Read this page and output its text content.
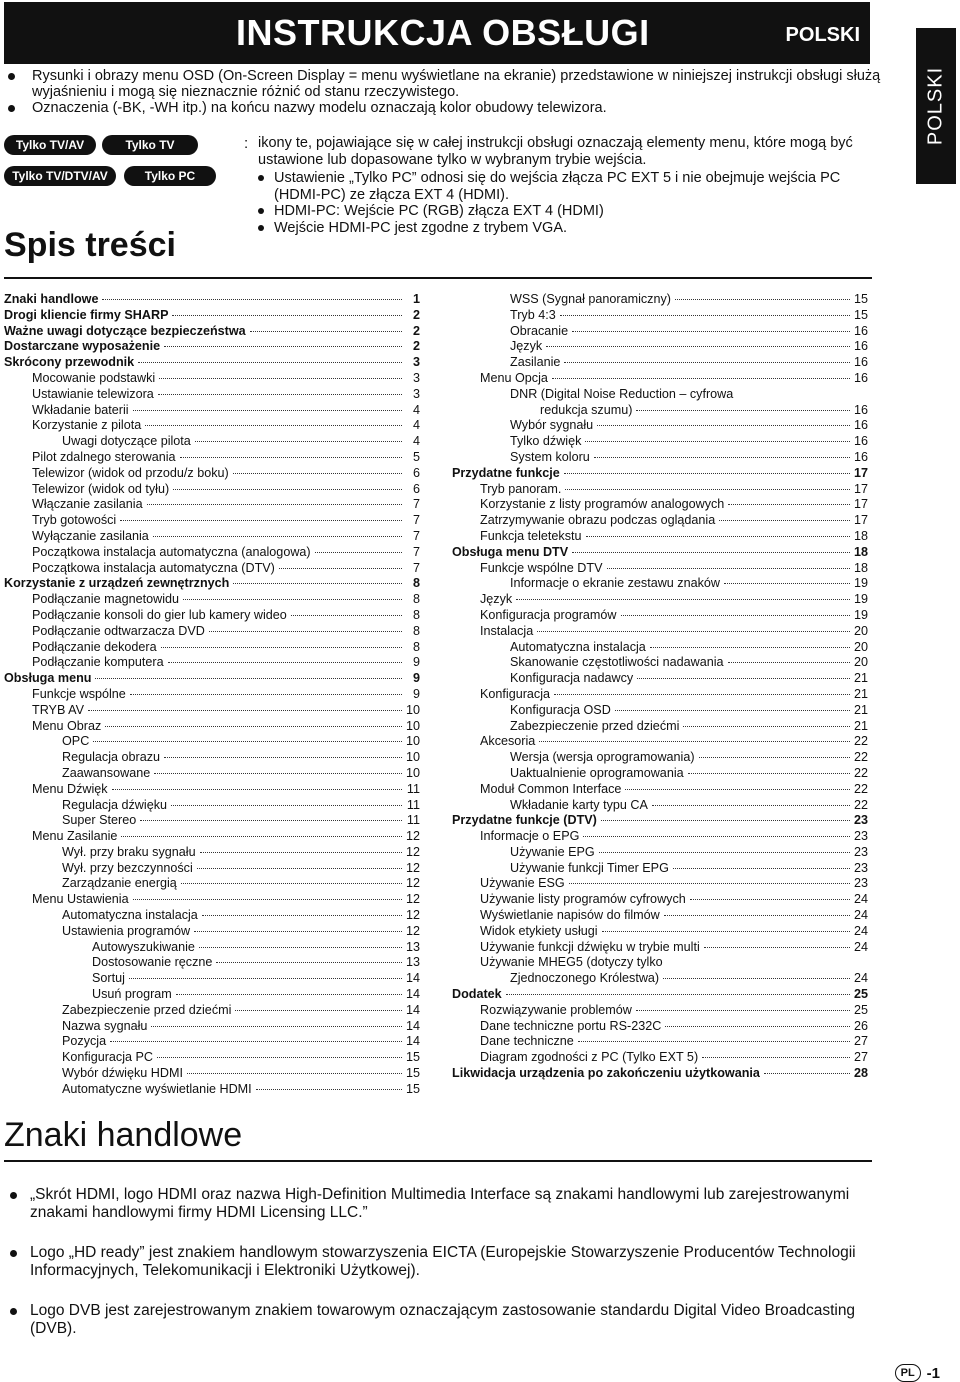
INSTRUKCJA OBSŁUGI	POLSKI
POLSKI
Rysunki i obrazy menu OSD (On-Screen Display = menu wyświetlane na ekranie) przedstawione w niniejszej instrukcji obsługi służą wyjaśnieniu i mogą się nieznacznie różnić od stanu rzeczywistego.
Oznaczenia (-BK, -WH itp.) na końcu nazwy modelu oznaczają kolor obudowy telewizora.
Tylko TV/AV	Tylko TV
Tylko TV/DTV/AV	Tylko PC
: ikony te, pojawiające się w całej instrukcji obsługi oznaczają elementy menu, które mogą być ustawione lub dopasowane tylko w wybranym trybie wejścia.
Ustawienie „Tylko PC” odnosi się do wejścia złącza PC EXT 5 i nie obejmuje wejścia PC (HDMI-PC) ze złącza EXT 4 (HDMI).
HDMI-PC: Wejście PC (RGB) złącza EXT 4 (HDMI)
Wejście HDMI-PC jest zgodne z trybem VGA.
Spis treści
Znaki handlowe	1
Drogi kliencie firmy SHARP	2
Ważne uwagi dotyczące bezpieczeństwa	2
Dostarczane wyposażenie	2
Skrócony przewodnik	3
Mocowanie podstawki	3
Ustawianie telewizora	3
Wkładanie baterii	4
Korzystanie z pilota	4
Uwagi dotyczące pilota	4
Pilot zdalnego sterowania	5
Telewizor (widok od przodu/z boku)	6
Telewizor (widok od tyłu)	6
Włączanie zasilania	7
Tryb gotowości	7
Wyłączanie zasilania	7
Początkowa instalacja automatyczna (analogowa)	7
Początkowa instalacja automatyczna (DTV)	7
Korzystanie z urządzeń zewnętrznych	8
Podłączanie magnetowidu	8
Podłączanie konsoli do gier lub kamery wideo	8
Podłączanie odtwarzacza DVD	8
Podłączanie dekodera	8
Podłączanie komputera	9
Obsługa menu	9
Funkcje wspólne	9
TRYB AV	10
Menu Obraz	10
OPC	10
Regulacja obrazu	10
Zaawansowane	10
Menu Dźwięk	11
Regulacja dźwięku	11
Super Stereo	11
Menu Zasilanie	12
Wył. przy braku sygnału	12
Wył. przy bezczynności	12
Zarządzanie energią	12
Menu Ustawienia	12
Automatyczna instalacja	12
Ustawienia programów	12
Autowyszukiwanie	13
Dostosowanie ręczne	13
Sortuj	14
Usuń program	14
Zabezpieczenie przed dziećmi	14
Nazwa sygnału	14
Pozycja	14
Konfiguracja PC	15
Wybór dźwięku HDMI	15
Automatyczne wyświetlanie HDMI	15
WSS (Sygnał panoramiczny)	15
Tryb 4:3	15
Obracanie	16
Język	16
Zasilanie	16
Menu Opcja	16
DNR (Digital Noise Reduction – cyfrowa
redukcja szumu)	16
Wybór sygnału	16
Tylko dźwięk	16
System koloru	16
Przydatne funkcje	17
Tryb panoram.	17
Korzystanie z listy programów analogowych	17
Zatrzymywanie obrazu podczas oglądania	17
Funkcja teletekstu	18
Obsługa menu DTV	18
Funkcje wspólne DTV	18
Informacje o ekranie zestawu znaków	19
Język	19
Konfiguracja programów	19
Instalacja	20
Automatyczna instalacja	20
Skanowanie częstotliwości nadawania	20
Konfiguracja nadawcy	21
Konfiguracja	21
Konfiguracja OSD	21
Zabezpieczenie przed dziećmi	21
Akcesoria	22
Wersja (wersja oprogramowania)	22
Uaktualnienie oprogramowania	22
Moduł Common Interface	22
Wkładanie karty typu CA	22
Przydatne funkcje (DTV)	23
Informacje o EPG	23
Używanie EPG	23
Używanie funkcji Timer EPG	23
Używanie ESG	23
Używanie listy programów cyfrowych	24
Wyświetlanie napisów do filmów	24
Widok etykiety usługi	24
Używanie funkcji dźwięku w trybie multi	24
Używanie MHEG5 (dotyczy tylko
Zjednoczonego Królestwa)	24
Dodatek	25
Rozwiązywanie problemów	25
Dane techniczne portu RS-232C	26
Dane techniczne	27
Diagram zgodności z PC (Tylko EXT 5)	27
Likwidacja urządzenia po zakończeniu użytkowania	28
Znaki handlowe
„Skrót HDMI, logo HDMI oraz nazwa High-Definition Multimedia Interface są znakami handlowymi lub zarejestrowanymi znakami handlowymi firmy HDMI Licensing LLC.”
Logo „HD ready” jest znakiem handlowym stowarzyszenia EICTA (Europejskie Stowarzyszenie Producentów Technologii Informacyjnych, Telekomunikacji i Elektroniki Użytkowej).
Logo DVB jest zarejestrowanym znakiem towarowym oznaczającym zastosowanie standardu Digital Video Broadcasting (DVB).
PL -1
